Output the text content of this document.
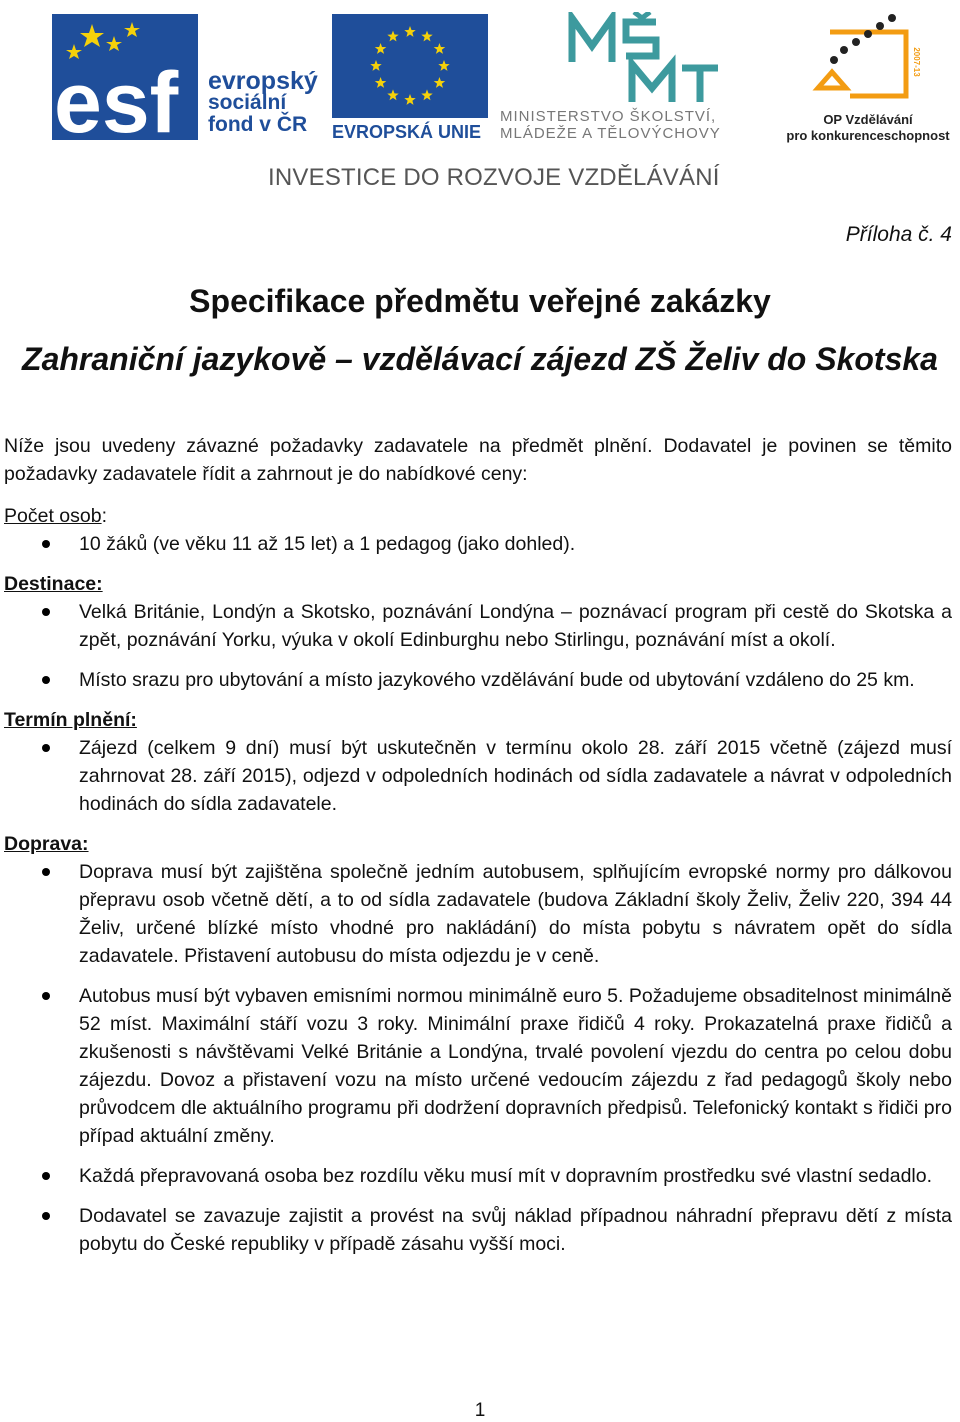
esf evropský
sociální
fond v ČR	EVROPSKÁ UNIE
MINISTERSTVO ŠKOLSTVÍ,
MLÁDEŽE A TĚLOVÝCHOVY
2007-13
OP Vzdělávání
pro konkurenceschopnost
INVESTICE DO ROZVOJE VZDĚLÁVÁNÍ
Příloha č. 4
Specifikace předmětu veřejné zakázky
Zahraniční jazykově – vzdělávací zájezd ZŠ Želiv do Skotska

Níže jsou uvedeny závazné požadavky zadavatele na předmět plnění. Dodavatel je povinen se těmito požadavky zadavatele řídit a zahrnout je do nabídkové ceny:

Počet osob:

10 žáků (ve věku 11 až 15 let) a 1 pedagog (jako dohled).

Destinace:

Velká Británie, Londýn a Skotsko, poznávání Londýna – poznávací program při cestě do Skotska a zpět, poznávání Yorku, výuka v okolí Edinburghu nebo Stirlingu, poznávání míst a okolí.
Místo srazu pro ubytování a místo jazykového vzdělávání bude od ubytování vzdáleno do 25 km.

Termín plnění:

Zájezd (celkem 9 dní) musí být uskutečněn v termínu okolo 28. září 2015 včetně (zájezd musí zahrnovat 28. září 2015), odjezd v odpoledních hodinách od sídla zadavatele a návrat v odpoledních hodinách do sídla zadavatele.

Doprava:

Doprava musí být zajištěna společně jedním autobusem, splňujícím evropské normy pro dálkovou přepravu osob včetně dětí, a to od sídla zadavatele (budova Základní školy Želiv, Želiv 220, 394 44 Želiv, určené blízké místo vhodné pro nakládání) do místa pobytu s návratem opět do sídla zadavatele. Přistavení autobusu do místa odjezdu je v ceně.
Autobus musí být vybaven emisními normou minimálně euro 5. Požadujeme obsaditelnost minimálně 52 míst. Maximální stáří vozu 3 roky. Minimální praxe řidičů 4 roky. Prokazatelná praxe řidičů a zkušenosti s návštěvami Velké Británie a Londýna, trvalé povolení vjezdu do centra po celou dobu zájezdu. Dovoz a přistavení vozu na místo určené vedoucím zájezdu z řad pedagogů školy nebo průvodcem dle aktuálního programu při dodržení dopravních předpisů. Telefonický kontakt s řidiči pro případ aktuální změny.
Každá přepravovaná osoba bez rozdílu věku musí mít v dopravním prostředku své vlastní sedadlo.
Dodavatel se zavazuje zajistit a provést na svůj náklad případnou náhradní přepravu dětí z místa pobytu do České republiky v případě zásahu vyšší moci.
1
